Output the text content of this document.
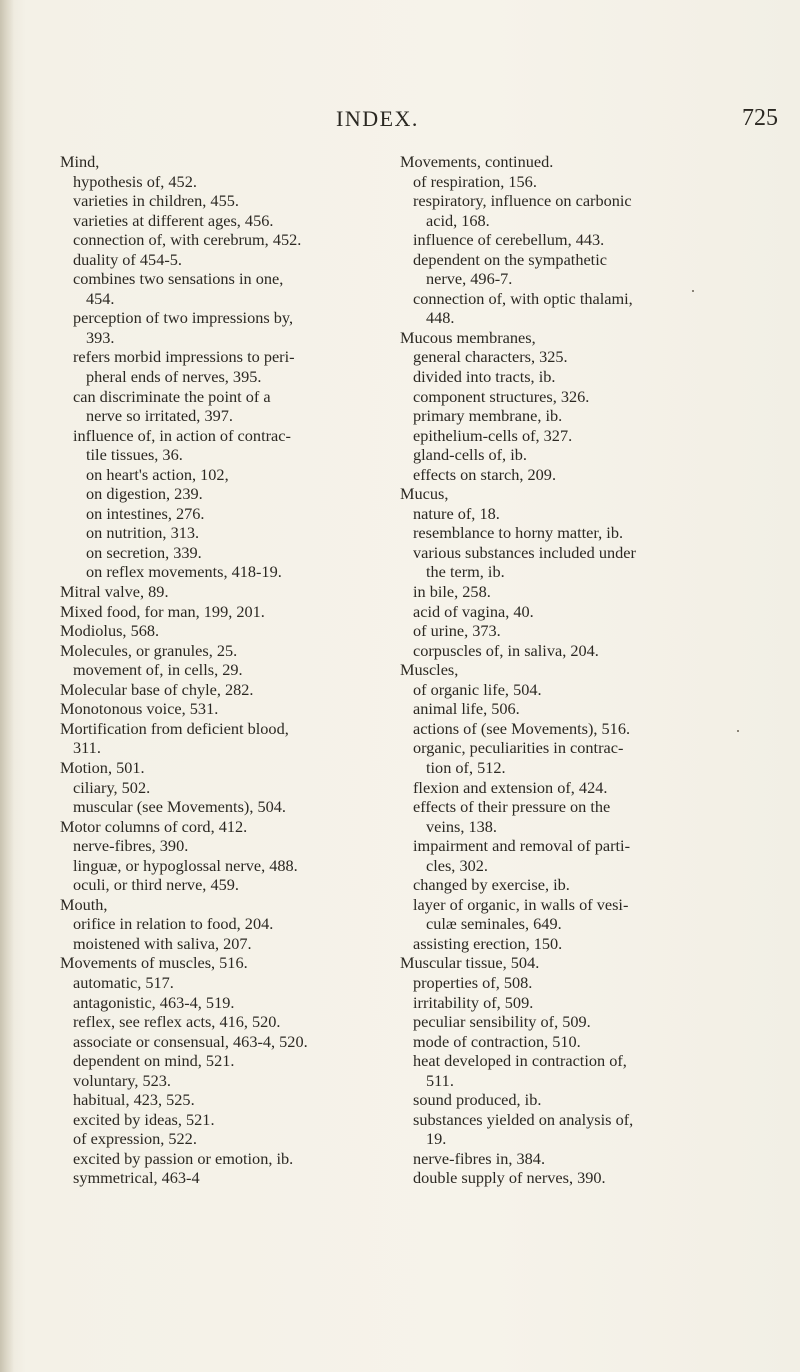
INDEX.	725
Mind,
hypothesis of, 452.
varieties in children, 455.
varieties at different ages, 456.
connection of, with cerebrum, 452.
duality of 454-5.
combines two sensations in one,
454.
perception of two impressions by,
393.
refers morbid impressions to peri-
pheral ends of nerves, 395.
can discriminate the point of a
nerve so irritated, 397.
influence of, in action of contrac-
tile tissues, 36.
on heart's action, 102,
on digestion, 239.
on intestines, 276.
on nutrition, 313.
on secretion, 339.
on reflex movements, 418-19.
Mitral valve, 89.
Mixed food, for man, 199, 201.
Modiolus, 568.
Molecules, or granules, 25.
movement of, in cells, 29.
Molecular base of chyle, 282.
Monotonous voice, 531.
Mortification from deficient blood,
311.
Motion, 501.
ciliary, 502.
muscular (see Movements), 504.
Motor columns of cord, 412.
nerve-fibres, 390.
linguæ, or hypoglossal nerve, 488.
oculi, or third nerve, 459.
Mouth,
orifice in relation to food, 204.
moistened with saliva, 207.
Movements of muscles, 516.
automatic, 517.
antagonistic, 463-4, 519.
reflex, see reflex acts, 416, 520.
associate or consensual, 463-4, 520.
dependent on mind, 521.
voluntary, 523.
habitual, 423, 525.
excited by ideas, 521.
of expression, 522.
excited by passion or emotion, ib.
symmetrical, 463-4
Movements, continued.
of respiration, 156.
respiratory, influence on carbonic
acid, 168.
influence of cerebellum, 443.
dependent on the sympathetic
nerve, 496-7.
connection of, with optic thalami,
448.
Mucous membranes,
general characters, 325.
divided into tracts, ib.
component structures, 326.
primary membrane, ib.
epithelium-cells of, 327.
gland-cells of, ib.
effects on starch, 209.
Mucus,
nature of, 18.
resemblance to horny matter, ib.
various substances included under
the term, ib.
in bile, 258.
acid of vagina, 40.
of urine, 373.
corpuscles of, in saliva, 204.
Muscles,
of organic life, 504.
animal life, 506.
actions of (see Movements), 516.
organic, peculiarities in contrac-
tion of, 512.
flexion and extension of, 424.
effects of their pressure on the
veins, 138.
impairment and removal of parti-
cles, 302.
changed by exercise, ib.
layer of organic, in walls of vesi-
culæ seminales, 649.
assisting erection, 150.
Muscular tissue, 504.
properties of, 508.
irritability of, 509.
peculiar sensibility of, 509.
mode of contraction, 510.
heat developed in contraction of,
511.
sound produced, ib.
substances yielded on analysis of,
19.
nerve-fibres in, 384.
double supply of nerves, 390.
